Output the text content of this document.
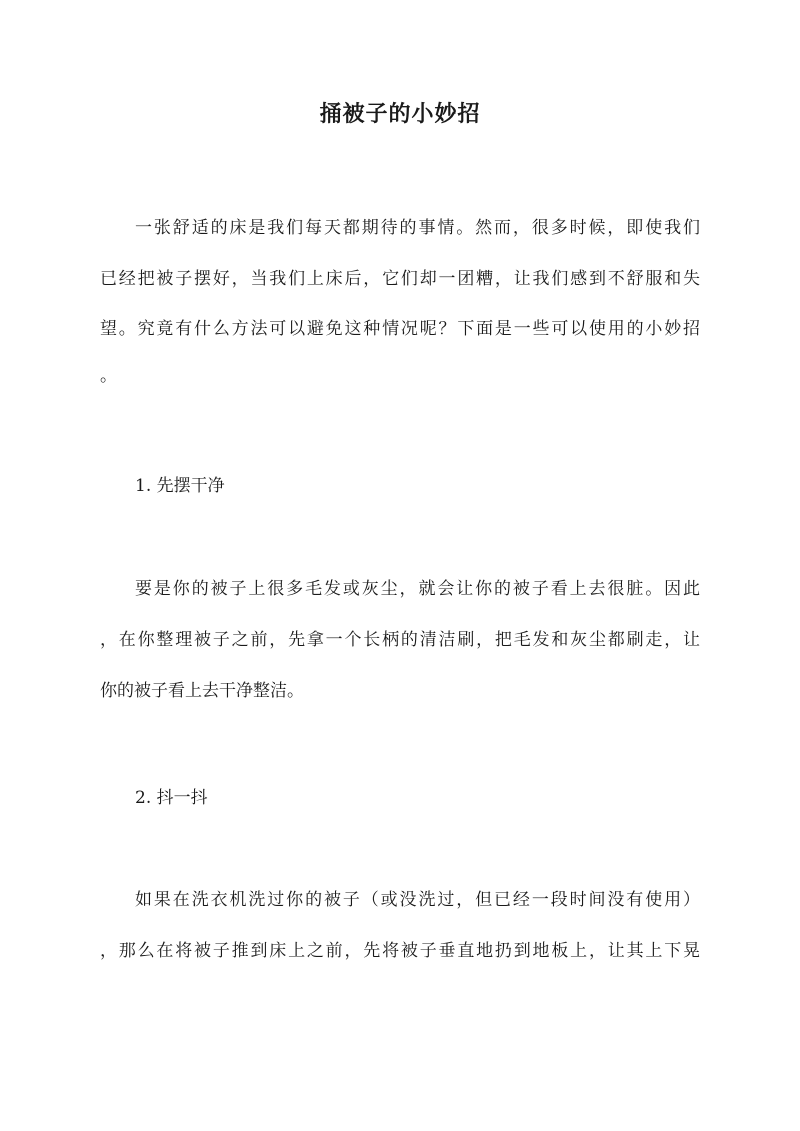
捅被子的小妙招
一张舒适的床是我们每天都期待的事情。然而，很多时候，即使我们
已经把被子摆好，当我们上床后，它们却一团糟，让我们感到不舒服和失
望。究竟有什么方法可以避免这种情况呢？下面是一些可以使用的小妙招
。
1. 先摆干净
要是你的被子上很多毛发或灰尘，就会让你的被子看上去很脏。因此
，在你整理被子之前，先拿一个长柄的清洁刷，把毛发和灰尘都刷走，让
你的被子看上去干净整洁。
2. 抖一抖
如果在洗衣机洗过你的被子（或没洗过，但已经一段时间没有使用）
，那么在将被子推到床上之前，先将被子垂直地扔到地板上，让其上下晃
